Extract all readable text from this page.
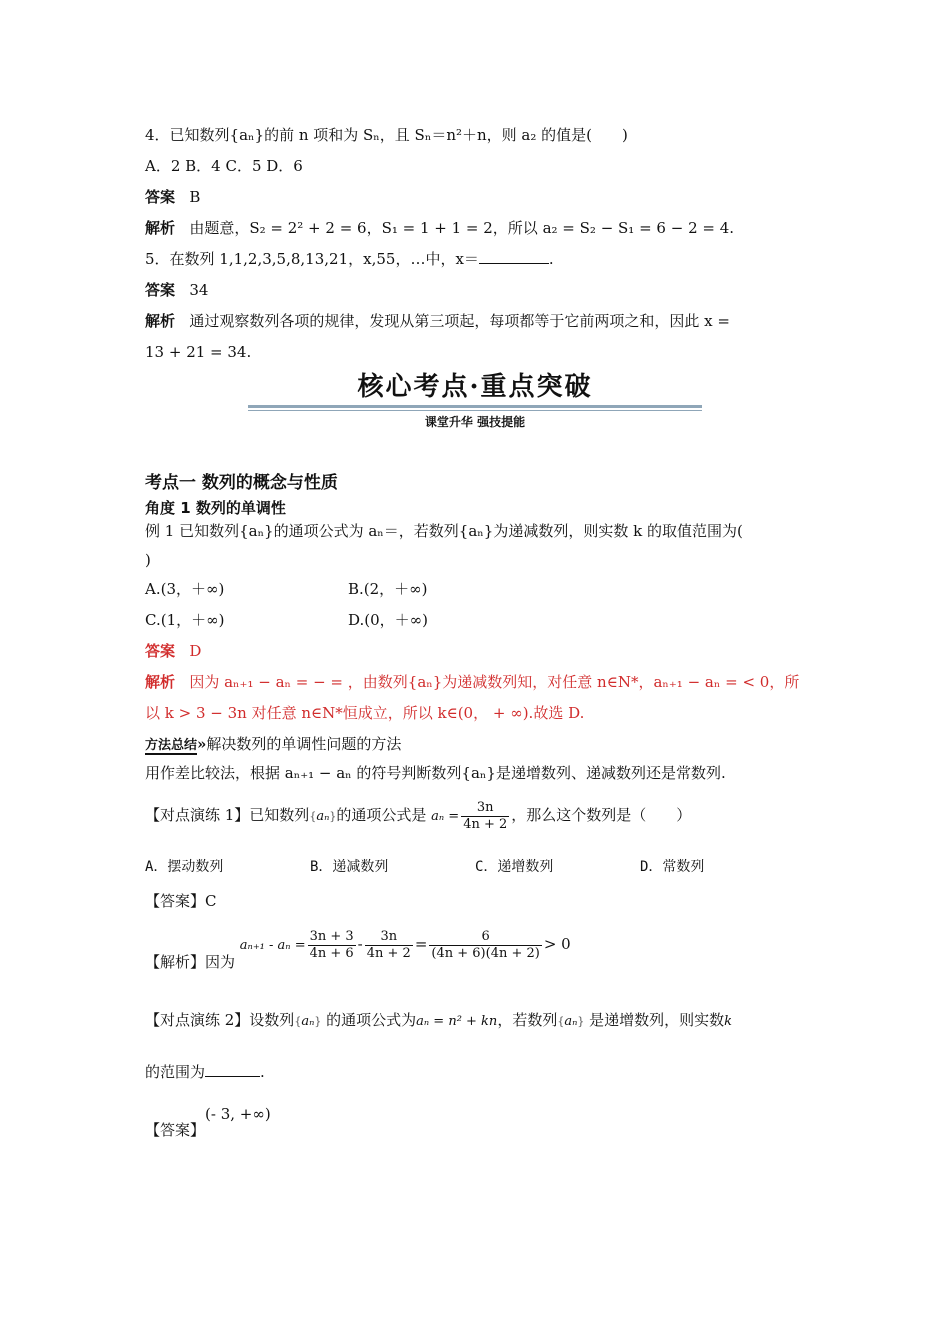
4．已知数列{aₙ}的前 n 项和为 Sₙ，且 Sₙ＝n²＋n，则 a₂ 的值是(　　)
A．2 B．4 C．5 D．6
答案 B
解析 由题意，S₂ = 2² + 2 = 6，S₁ = 1 + 1 = 2，所以 a₂ = S₂ − S₁ = 6 − 2 = 4.
5．在数列 1,1,2,3,5,8,13,21，x,55，…中，x＝	.
答案 34
解析 通过观察数列各项的规律，发现从第三项起，每项都等于它前两项之和，因此 x =
13 + 21 = 34.
核心考点·重点突破
课堂升华 强技提能
考点一 数列的概念与性质
角度 1 数列的单调性
例 1 已知数列{aₙ}的通项公式为 aₙ＝，若数列{aₙ}为递减数列，则实数 k 的取值范围为(
)
A.(3，＋∞)	B.(2，＋∞)
C.(1，＋∞)	D.(0，＋∞)
答案 D
解析 因为 aₙ₊₁ − aₙ = − = ，由数列{aₙ}为递减数列知，对任意 n∈N*，aₙ₊₁ − aₙ = < 0，所
以 k > 3 − 3n 对任意 n∈N*恒成立，所以 k∈(0， + ∞).故选 D.
方法总结»解决数列的单调性问题的方法
用作差比较法，根据 aₙ₊₁ − aₙ 的符号判断数列{aₙ}是递增数列、递减数列还是常数列.
【对点演练 1】已知数列{aₙ}的通项公式是 $a_n = \frac{3n}{4n + 2}$ ，那么这个数列是（　　）
A．摆动数列	B．递减数列	C．递增数列	D．常数列
【答案】C
【解析】因为 $a_{n+1} - a_n = \frac{3n + 3}{4n + 6} - \frac{3n}{4n + 2} = \frac{6}{(4n + 6)(4n + 2)} > 0$
【对点演练 2】设数列{aₙ} 的通项公式为aₙ = n² + kn，若数列{aₙ} 是递增数列，则实数k
的范围为	.
【答案】(- 3, +∞)
